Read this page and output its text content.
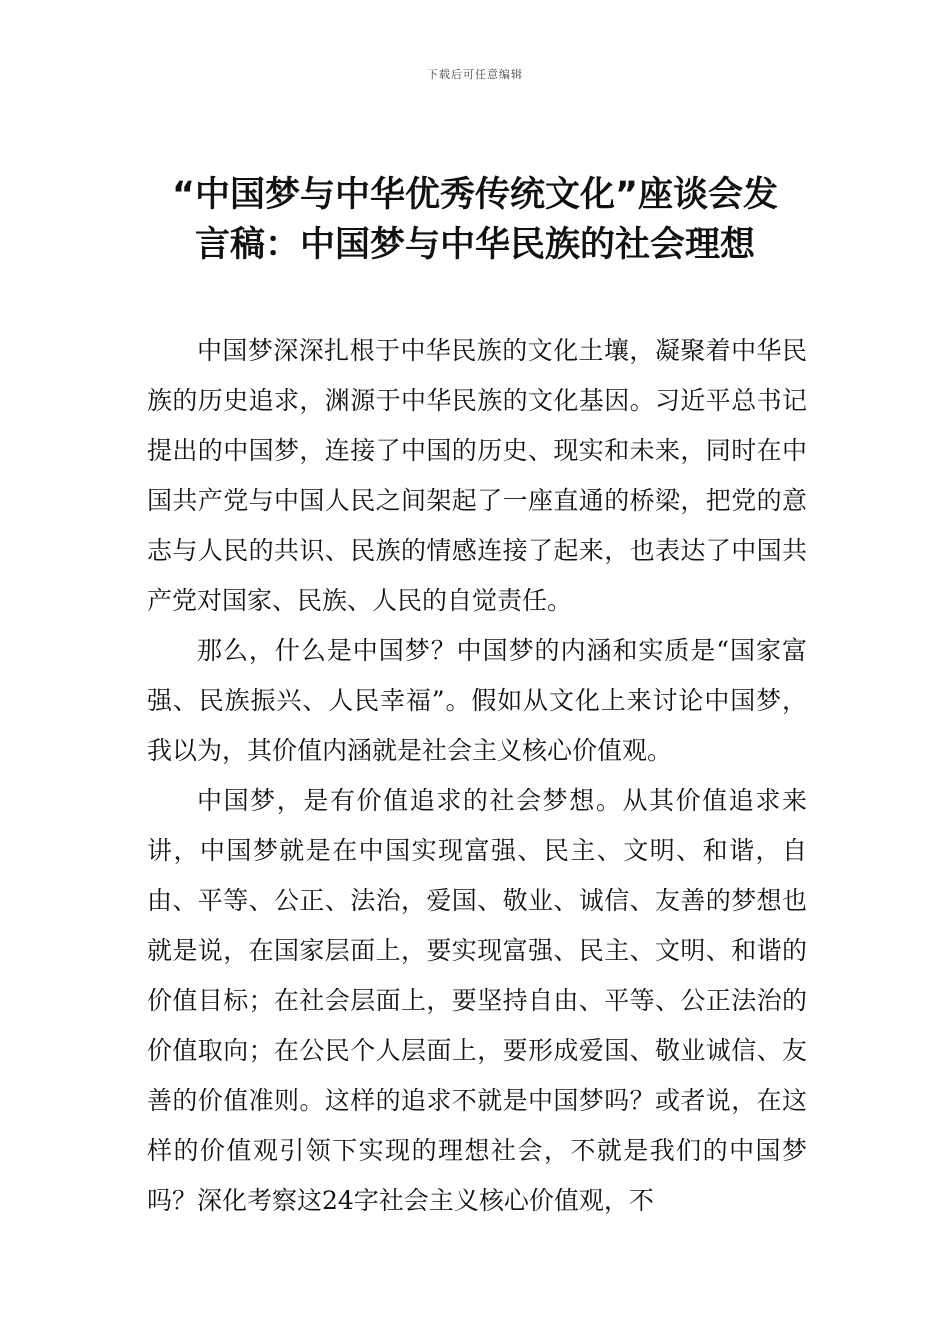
下载后可任意编辑
“中国梦与中华优秀传统文化”座谈会发
言稿：中国梦与中华民族的社会理想

中国梦深深扎根于中华民族的文化土壤，凝聚着中华民族的历史追求，渊源于中华民族的文化基因。习近平总书记提出的中国梦，连接了中国的历史、现实和未来，同时在中国共产党与中国人民之间架起了一座直通的桥梁，把党的意志与人民的共识、民族的情感连接了起来，也表达了中国共产党对国家、民族、人民的自觉责任。

那么，什么是中国梦？中国梦的内涵和实质是“国家富强、民族振兴、人民幸福”。假如从文化上来讨论中国梦，我以为，其价值内涵就是社会主义核心价值观。

中国梦，是有价值追求的社会梦想。从其价值追求来讲，中国梦就是在中国实现富强、民主、文明、和谐，自由、平等、公正、法治，爱国、敬业、诚信、友善的梦想也就是说，在国家层面上，要实现富强、民主、文明、和谐的价值目标；在社会层面上，要坚持自由、平等、公正法治的价值取向；在公民个人层面上，要形成爱国、敬业诚信、友善的价值准则。这样的追求不就是中国梦吗？或者说，在这样的价值观引领下实现的理想社会，不就是我们的中国梦吗？深化考察这24字社会主义核心价值观，不
